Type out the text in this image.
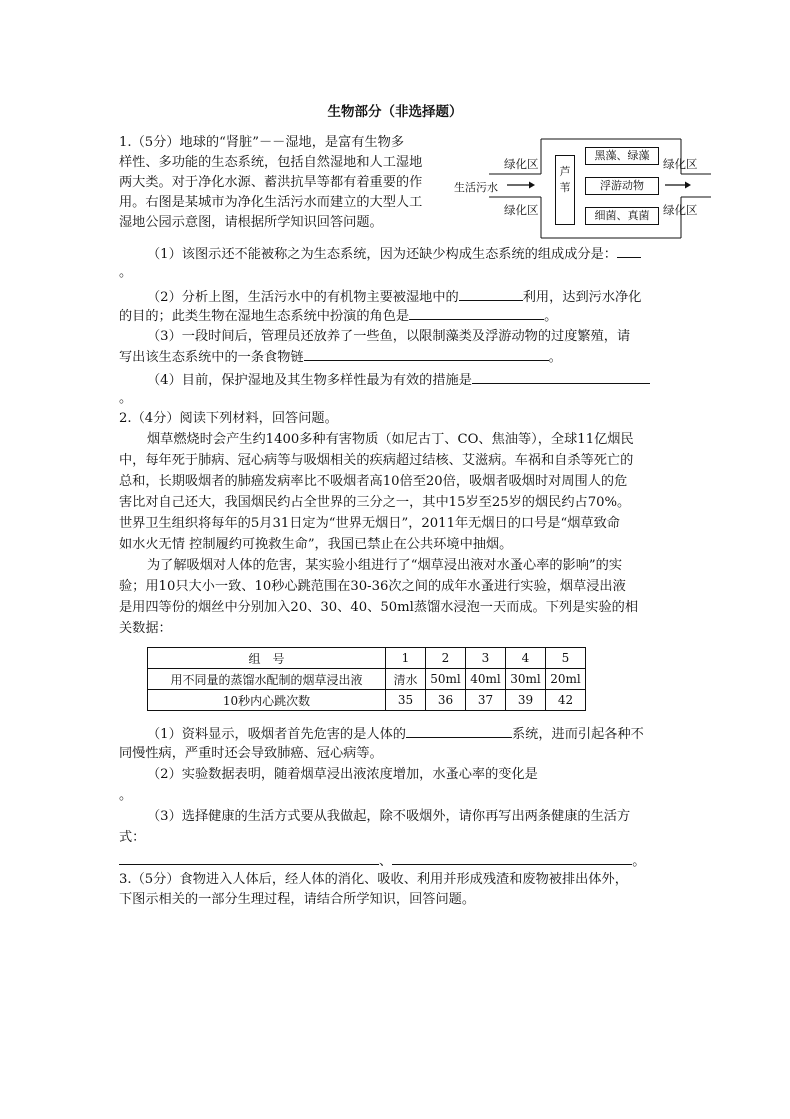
生物部分（非选择题）
1.（5分）地球的“肾脏”－－湿地，是富有生物多
样性、多功能的生态系统，包括自然湿地和人工湿地
两大类。对于净化水源、蓄洪抗旱等都有着重要的作
用。右图是某城市为净化生活污水而建立的大型人工
湿地公园示意图，请根据所学知识回答问题。
绿化区
绿化区
绿化区
绿化区
生活污水
芦苇
黑藻、绿藻
浮游动物
细菌、真菌
（1）该图示还不能被称之为生态系统，因为还缺少构成生态系统的组成成分是：
。
（2）分析上图，生活污水中的有机物主要被湿地中的	利用，达到污水净化
的目的；此类生物在湿地生态系统中扮演的角色是	。
（3）一段时间后，管理员还放养了一些鱼，以限制藻类及浮游动物的过度繁殖，请
写出该生态系统中的一条食物链	。
（4）目前，保护湿地及其生物多样性最为有效的措施是
。
2.（4分）阅读下列材料，回答问题。
烟草燃烧时会产生约1400多种有害物质（如尼古丁、CO、焦油等），全球11亿烟民
中，每年死于肺病、冠心病等与吸烟相关的疾病超过结核、艾滋病。车祸和自杀等死亡的
总和，长期吸烟者的肺癌发病率比不吸烟者高10倍至20倍，吸烟者吸烟时对周围人的危
害比对自己还大，我国烟民约占全世界的三分之一，其中15岁至25岁的烟民约占70%。
世界卫生组织将每年的5月31日定为“世界无烟日”，2011年无烟日的口号是“烟草致命
如水火无情 控制履约可挽救生命”，我国已禁止在公共环境中抽烟。
为了解吸烟对人体的危害，某实验小组进行了“烟草浸出液对水蚤心率的影响”的实
验；用10只大小一致、10秒心跳范围在30-36次之间的成年水蚤进行实验，烟草浸出液
是用四等份的烟丝中分别加入20、30、40、50ml蒸馏水浸泡一天而成。下列是实验的相
关数据：
组　号	1	2	3	4	5
用不同量的蒸馏水配制的烟草浸出液	清水	50ml	40ml	30ml	20ml
10秒内心跳次数	35	36	37	39	42
（1）资料显示，吸烟者首先危害的是人体的	系统，进而引起各种不
同慢性病，严重时还会导致肺癌、冠心病等。
（2）实验数据表明，随着烟草浸出液浓度增加，水蚤心率的变化是
。
（3）选择健康的生活方式要从我做起，除不吸烟外，请你再写出两条健康的生活方
式：
、	。
3.（5分）食物进入人体后，经人体的消化、吸收、利用并形成残渣和废物被排出体外，
下图示相关的一部分生理过程，请结合所学知识，回答问题。
